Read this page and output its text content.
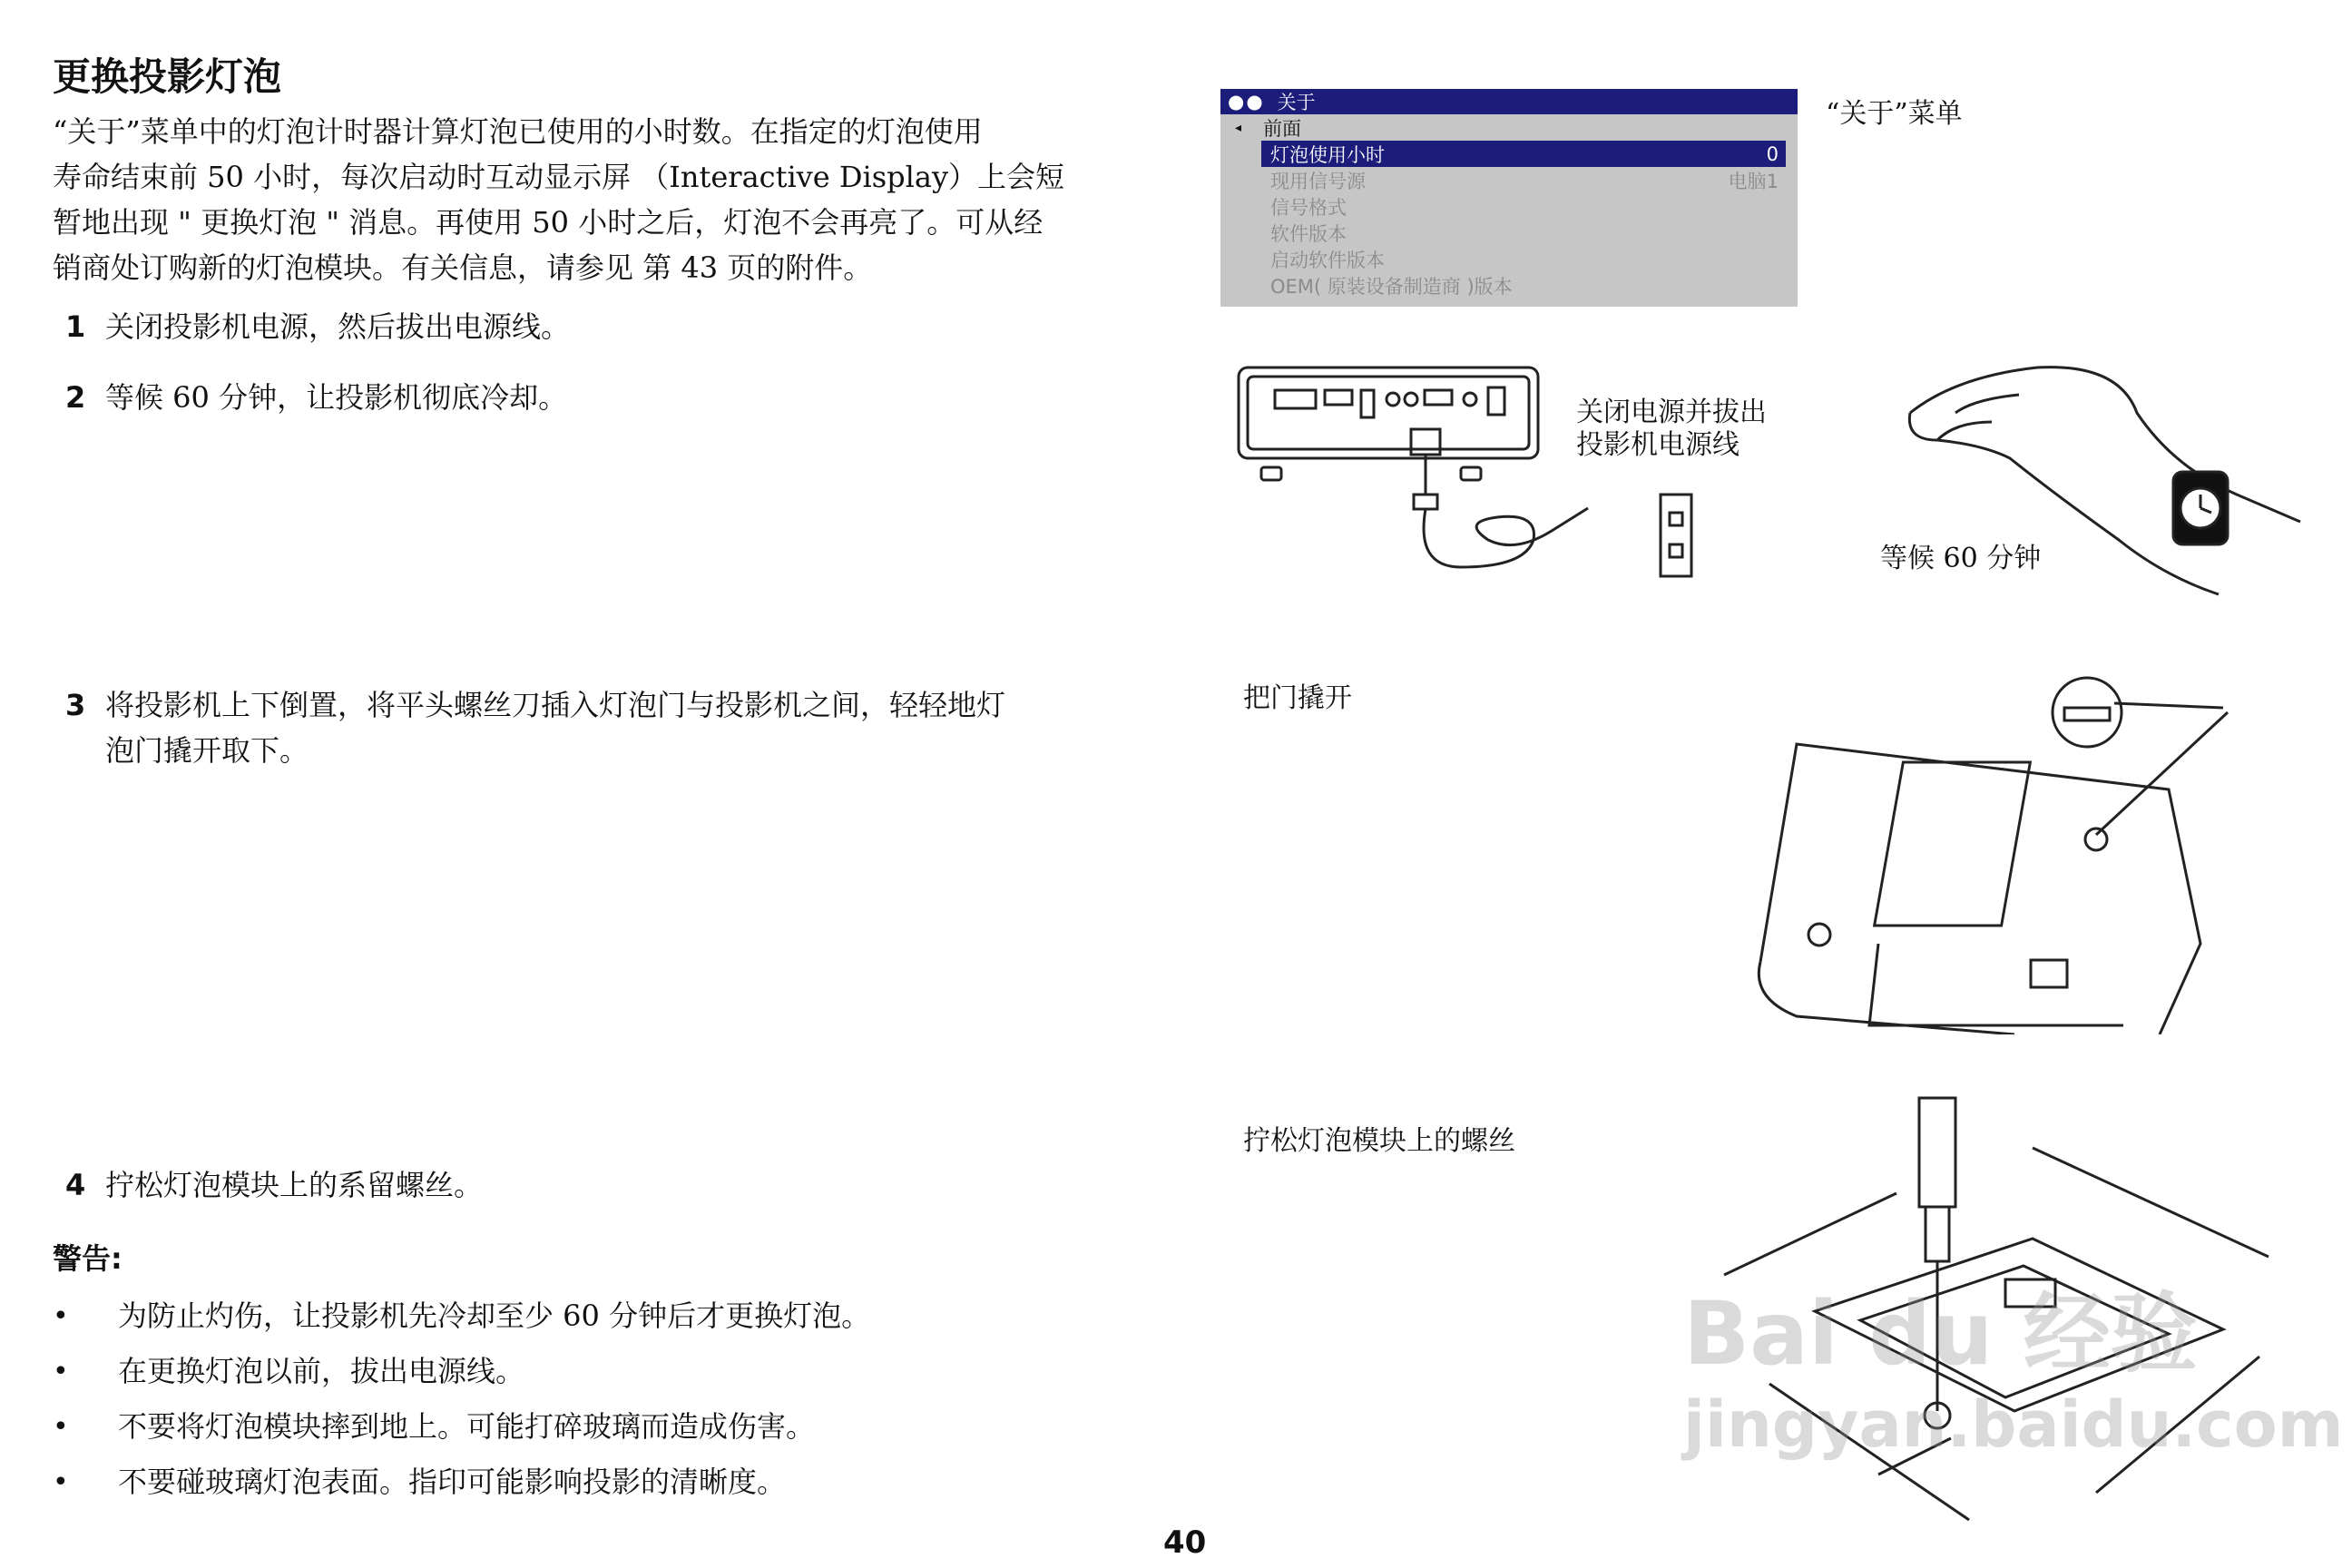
更换投影灯泡

“关于”菜单中的灯泡计时器计算灯泡已使用的小时数。在指定的灯泡使用

寿命结束前 50 小时，每次启动时互动显示屏 （Interactive Display）上会短

暂地出现 " 更换灯泡 " 消息。再使用 50 小时之后，灯泡不会再亮了。可从经

销商处订购新的灯泡模块。有关信息，请参见 第 43 页的附件。

1 关闭投影机电源，然后拔出电源线。
2 等候 60 分钟，让投影机彻底冷却。
3 将投影机上下倒置，将平头螺丝刀插入灯泡门与投影机之间，轻轻地灯
泡门撬开取下。
4 拧松灯泡模块上的系留螺丝。
警告:
•	为防止灼伤，让投影机先冷却至少 60 分钟后才更换灯泡。
•	在更换灯泡以前，拔出电源线。
•	不要将灯泡模块摔到地上。可能打碎玻璃而造成伤害。
•	不要碰玻璃灯泡表面。指印可能影响投影的清晰度。
40
●● 关于
◂ 前面
灯泡使用小时	0
现用信号源	电脑1
信号格式
软件版本
启动软件版本
OEM( 原装设备制造商 )版本
“关于”菜单
关闭电源并拔出
投影机电源线
等候 60 分钟
把门撬开
拧松灯泡模块上的螺丝
Bai du 经验
jingyan.baidu.com
